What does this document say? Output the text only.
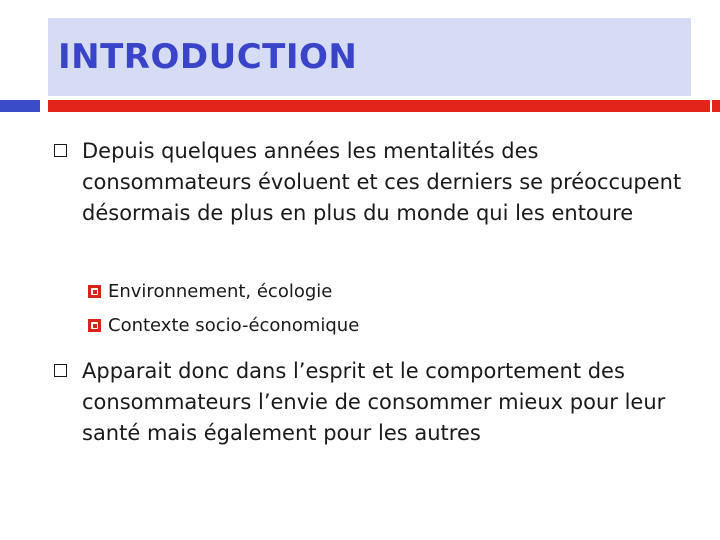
INTRODUCTION
Depuis quelques années les mentalités des consommateurs évoluent et ces derniers se préoccupent désormais de plus en plus du monde qui les entoure
Environnement, écologie
Contexte socio-économique
Apparait donc dans l’esprit et le comportement des consommateurs l’envie de consommer mieux pour leur santé mais également pour les autres
